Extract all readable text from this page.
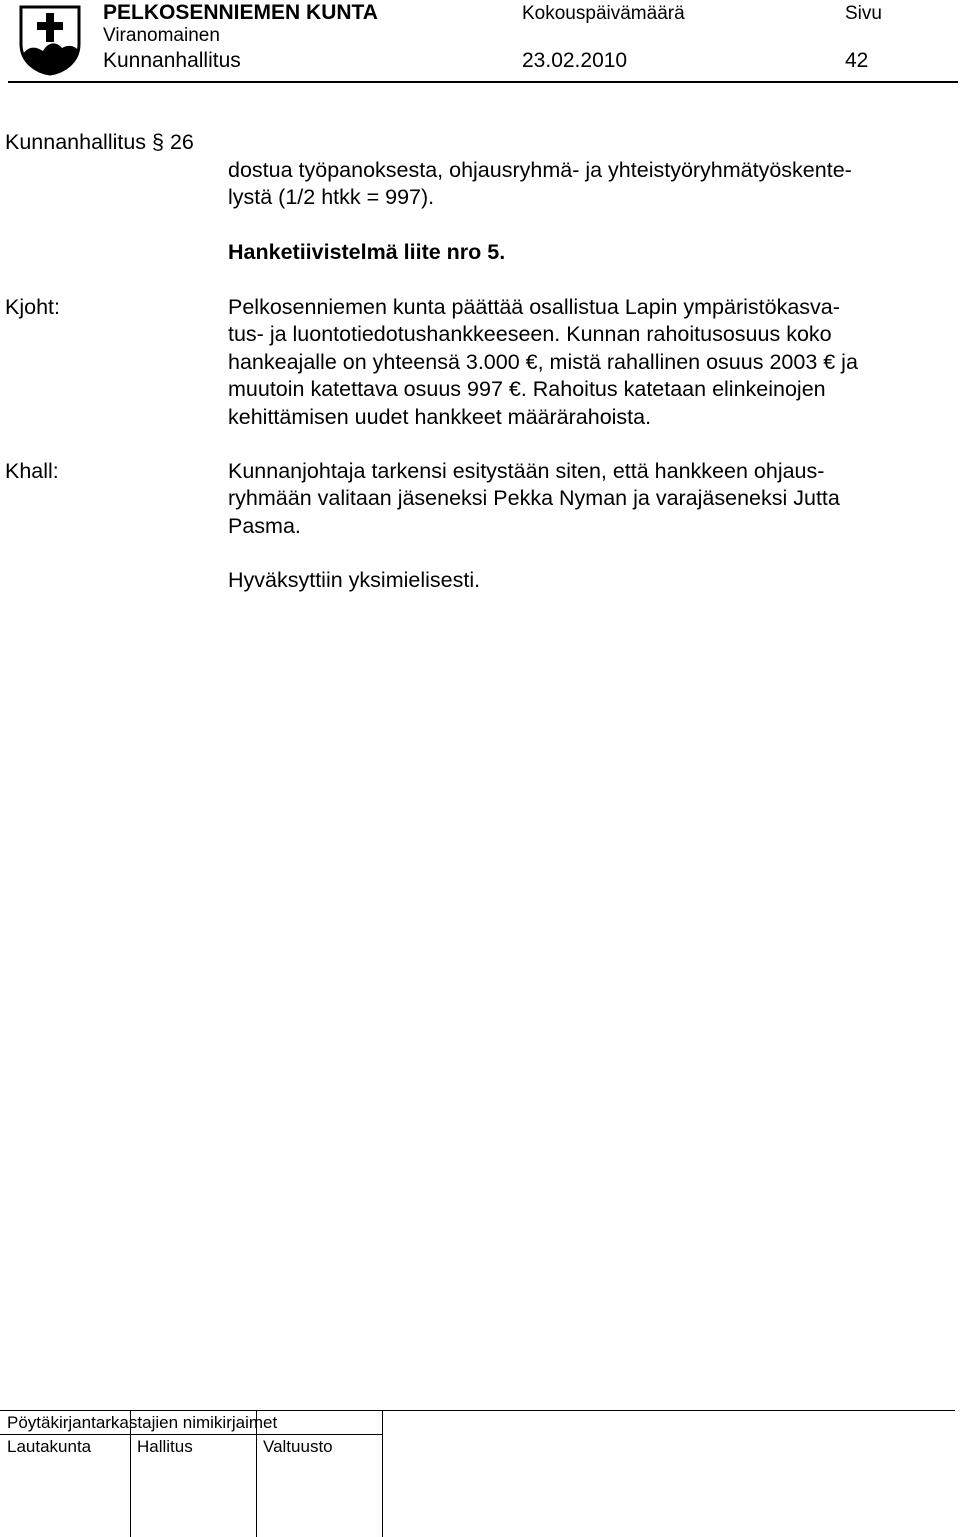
PELKOSENNIEMEN KUNTA
Viranomainen
Kunnanhallitus
Kokouspäivämäärä
23.02.2010
Sivu
42
Kunnanhallitus § 26
dostua työpanoksesta, ohjausryhmä- ja yhteistyöryhmätyöskente-
lystä (1/2 htkk = 997).
Hanketiivistelmä liite nro 5.
Kjoht:	Pelkosenniemen kunta päättää osallistua Lapin ympäristökasva-
tus- ja luontotiedotushankkeeseen. Kunnan rahoitusosuus koko
hankeajalle on yhteensä 3.000 €, mistä rahallinen osuus 2003 € ja
muutoin katettava osuus 997 €. Rahoitus katetaan elinkeinojen
kehittämisen uudet hankkeet määrärahoista.
Khall:	Kunnanjohtaja tarkensi esitystään siten, että hankkeen ohjaus-
ryhmään valitaan jäseneksi Pekka Nyman ja varajäseneksi Jutta
Pasma.
Hyväksyttiin yksimielisesti.
Pöytäkirjantarkastajien nimikirjaimet
Lautakunta	Hallitus	Valtuusto
